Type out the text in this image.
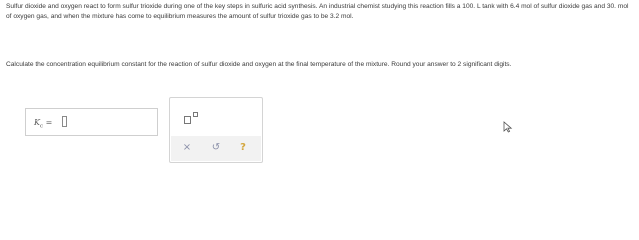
Sulfur dioxide and oxygen react to form sulfur trioxide during one of the key steps in sulfuric acid synthesis. An industrial chemist studying this reaction fills a 100. L tank with 6.4 mol of sulfur dioxide gas and 30. mol of oxygen gas, and when the mixture has come to equilibrium measures the amount of sulfur trioxide gas to be 3.2 mol.

Calculate the concentration equilibrium constant for the reaction of sulfur dioxide and oxygen at the final temperature of the mixture. Round your answer to 2 significant digits.

$K_c$ =
×	↺	?
